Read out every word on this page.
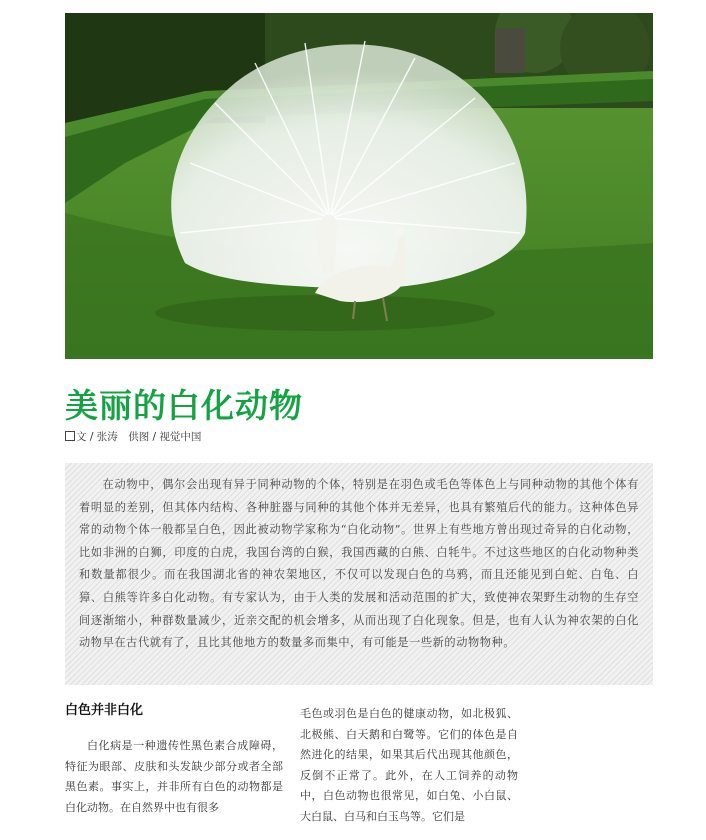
美丽的白化动物
文 / 张涛　供图 / 视觉中国

在动物中，偶尔会出现有异于同种动物的个体，特别是在羽色或毛色等体色上与同种动物的其他个体有着明显的差别，但其体内结构、各种脏器与同种的其他个体并无差异，也具有繁殖后代的能力。这种体色异常的动物个体一般都呈白色，因此被动物学家称为“白化动物”。世界上有些地方曾出现过奇异的白化动物，比如非洲的白狮，印度的白虎，我国台湾的白猴，我国西藏的白熊、白牦牛。不过这些地区的白化动物种类和数量都很少。而在我国湖北省的神农架地区，不仅可以发现白色的乌鸦，而且还能见到白蛇、白龟、白獐、白熊等许多白化动物。有专家认为，由于人类的发展和活动范围的扩大，致使神农架野生动物的生存空间逐渐缩小，种群数量减少，近亲交配的机会增多，从而出现了白化现象。但是，也有人认为神农架的白化动物早在古代就有了，且比其他地方的数量多而集中，有可能是一些新的动物物种。

白色并非白化

白化病是一种遗传性黑色素合成障碍，特征为眼部、皮肤和头发缺少部分或者全部黑色素。事实上，并非所有白色的动物都是白化动物。在自然界中也有很多

毛色或羽色是白色的健康动物，如北极狐、北极熊、白天鹅和白鹭等。它们的体色是自然进化的结果，如果其后代出现其他颜色，反倒不正常了。此外，在人工饲养的动物中，白色动物也很常见，如白兔、小白鼠、大白鼠、白马和白玉鸟等。它们是
